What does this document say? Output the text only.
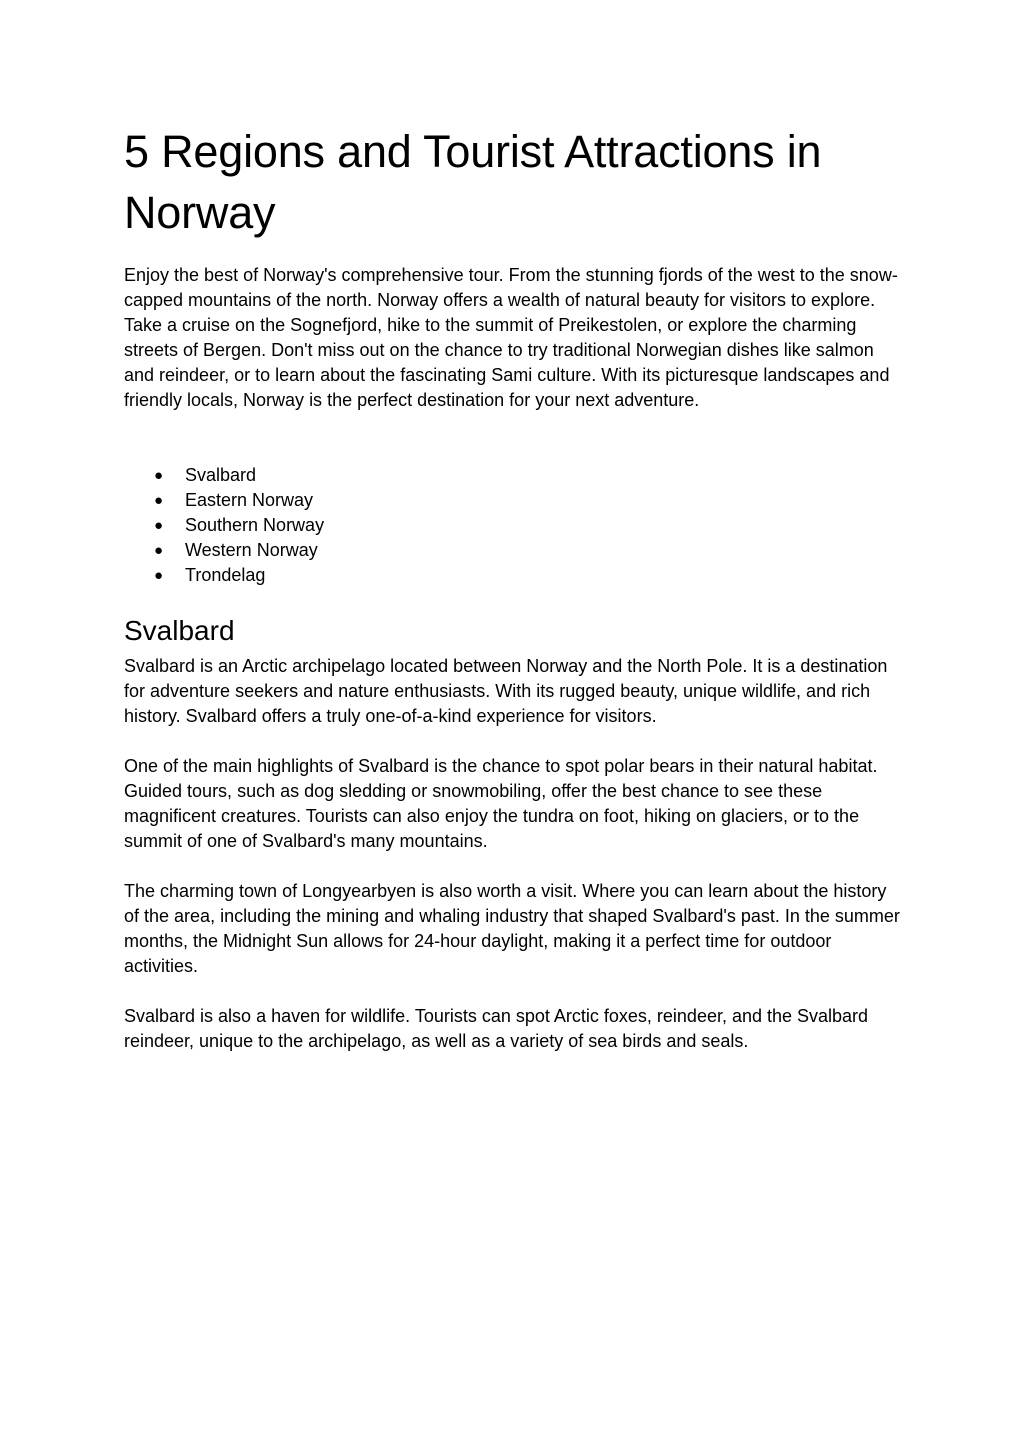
5 Regions and Tourist Attractions in Norway

Enjoy the best of Norway's comprehensive tour. From the stunning fjords of the west to the snow-capped mountains of the north. Norway offers a wealth of natural beauty for visitors to explore. Take a cruise on the Sognefjord, hike to the summit of Preikestolen, or explore the charming streets of Bergen. Don't miss out on the chance to try traditional Norwegian dishes like salmon and reindeer, or to learn about the fascinating Sami culture. With its picturesque landscapes and friendly locals, Norway is the perfect destination for your next adventure.

● Svalbard
● Eastern Norway
● Southern Norway
● Western Norway
● Trondelag
Svalbard

Svalbard is an Arctic archipelago located between Norway and the North Pole. It is a destination for adventure seekers and nature enthusiasts. With its rugged beauty, unique wildlife, and rich history. Svalbard offers a truly one-of-a-kind experience for visitors.

One of the main highlights of Svalbard is the chance to spot polar bears in their natural habitat. Guided tours, such as dog sledding or snowmobiling, offer the best chance to see these magnificent creatures. Tourists can also enjoy the tundra on foot, hiking on glaciers, or to the summit of one of Svalbard's many mountains.

The charming town of Longyearbyen is also worth a visit. Where you can learn about the history of the area, including the mining and whaling industry that shaped Svalbard's past. In the summer months, the Midnight Sun allows for 24-hour daylight, making it a perfect time for outdoor activities.

Svalbard is also a haven for wildlife. Tourists can spot Arctic foxes, reindeer, and the Svalbard reindeer, unique to the archipelago, as well as a variety of sea birds and seals.
